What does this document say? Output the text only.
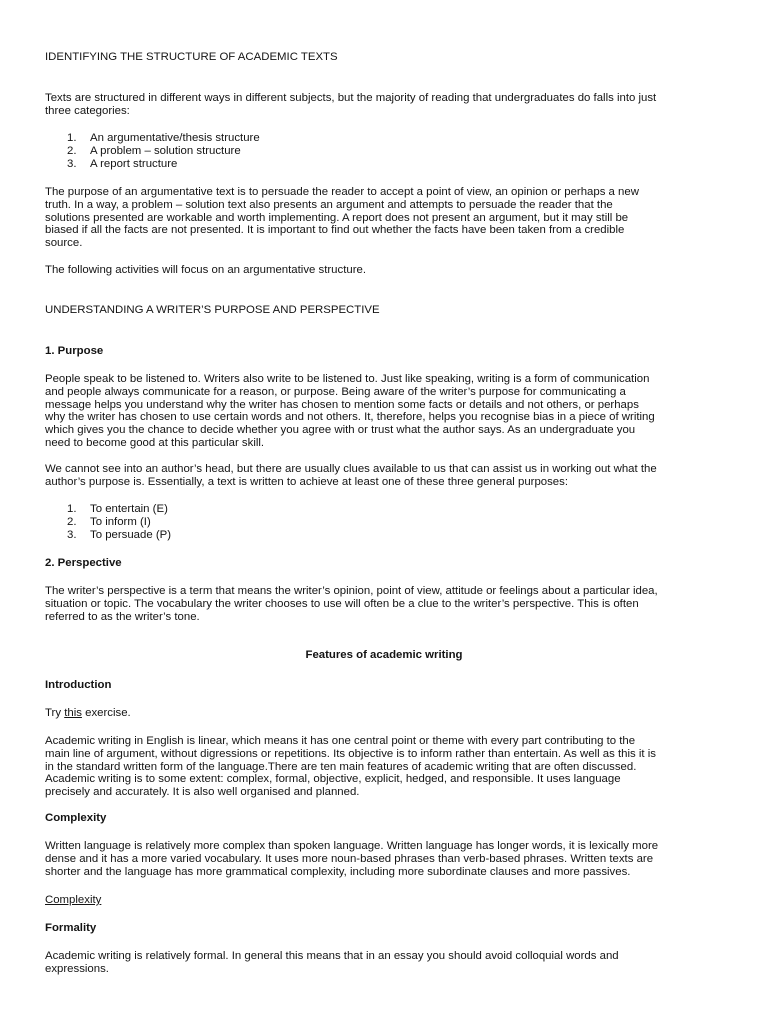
IDENTIFYING THE STRUCTURE OF ACADEMIC TEXTS

Texts are structured in different ways in different subjects, but the majority of reading that undergraduates do falls into just
three categories:

1. An argumentative/thesis structure
2. A problem – solution structure
3. A report structure

The purpose of an argumentative text is to persuade the reader to accept a point of view, an opinion or perhaps a new
truth. In a way, a problem – solution text also presents an argument and attempts to persuade the reader that the
solutions presented are workable and worth implementing. A report does not present an argument, but it may still be
biased if all the facts are not presented. It is important to find out whether the facts have been taken from a credible
source.

The following activities will focus on an argumentative structure.

UNDERSTANDING A WRITER’S PURPOSE AND PERSPECTIVE
1. Purpose

People speak to be listened to. Writers also write to be listened to. Just like speaking, writing is a form of communication
and people always communicate for a reason, or purpose. Being aware of the writer’s purpose for communicating a
message helps you understand why the writer has chosen to mention some facts or details and not others, or perhaps
why the writer has chosen to use certain words and not others. It, therefore, helps you recognise bias in a piece of writing
which gives you the chance to decide whether you agree with or trust what the author says. As an undergraduate you
need to become good at this particular skill.

We cannot see into an author’s head, but there are usually clues available to us that can assist us in working out what the
author’s purpose is. Essentially, a text is written to achieve at least one of these three general purposes:

1. To entertain (E)
2. To inform (I)
3. To persuade (P)
2. Perspective

The writer’s perspective is a term that means the writer’s opinion, point of view, attitude or feelings about a particular idea,
situation or topic. The vocabulary the writer chooses to use will often be a clue to the writer’s perspective. This is often
referred to as the writer’s tone.

Features of academic writing
Introduction

Try this exercise.

Academic writing in English is linear, which means it has one central point or theme with every part contributing to the
main line of argument, without digressions or repetitions. Its objective is to inform rather than entertain. As well as this it is
in the standard written form of the language.There are ten main features of academic writing that are often discussed.
Academic writing is to some extent: complex, formal, objective, explicit, hedged, and responsible. It uses language
precisely and accurately. It is also well organised and planned.

Complexity

Written language is relatively more complex than spoken language. Written language has longer words, it is lexically more
dense and it has a more varied vocabulary. It uses more noun-based phrases than verb-based phrases. Written texts are
shorter and the language has more grammatical complexity, including more subordinate clauses and more passives.

Complexity

Formality

Academic writing is relatively formal. In general this means that in an essay you should avoid colloquial words and
expressions.
